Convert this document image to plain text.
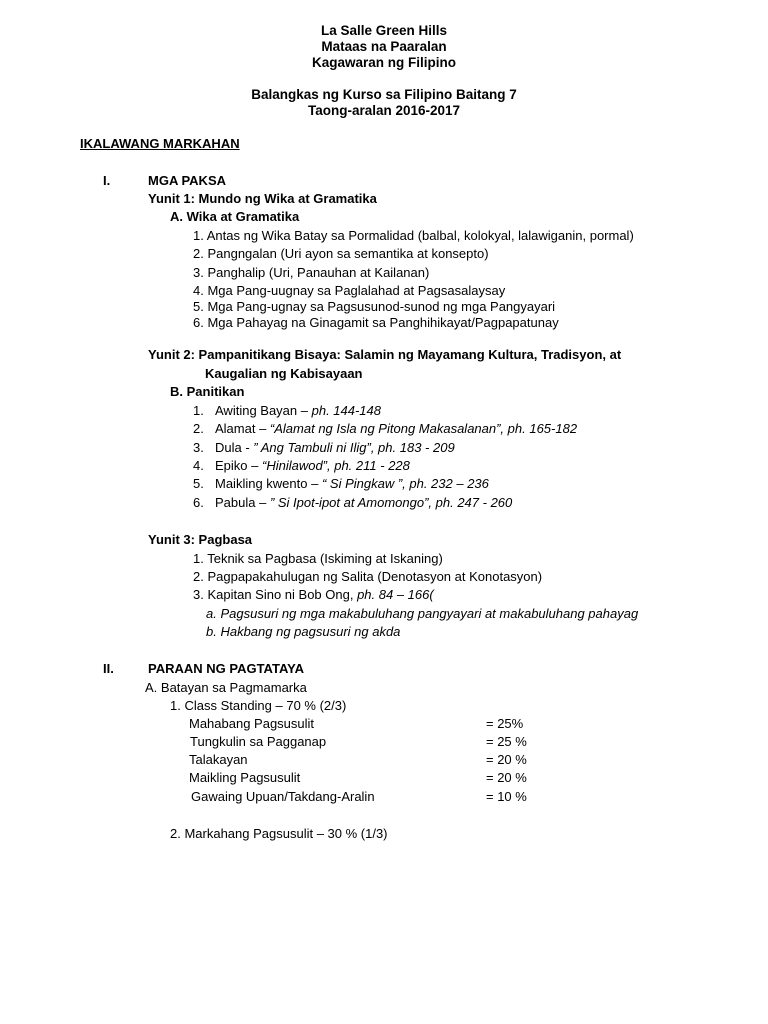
La Salle Green Hills
Mataas na Paaralan
Kagawaran ng Filipino
Balangkas ng Kurso sa Filipino Baitang 7
Taong-aralan 2016-2017
IKALAWANG MARKAHAN
I.	MGA PAKSA
Yunit 1: Mundo ng Wika at Gramatika
A. Wika at Gramatika
1. Antas ng Wika Batay sa Pormalidad (balbal, kolokyal, lalawiganin, pormal)
2. Pangngalan (Uri ayon sa semantika at konsepto)
3. Panghalip (Uri, Panauhan at Kailanan)
4. Mga Pang-uugnay sa Paglalahad at Pagsasalaysay
5. Mga Pang-ugnay sa Pagsusunod-sunod ng mga Pangyayari
6. Mga Pahayag na Ginagamit sa Panghihikayat/Pagpapatunay
Yunit 2: Pampanitikang Bisaya: Salamin ng Mayamang Kultura, Tradisyon, at
Kaugalian ng Kabisayaan
B. Panitikan
1. Awiting Bayan – ph. 144-148
2. Alamat – “Alamat ng Isla ng Pitong Makasalanan”, ph. 165-182
3. Dula - ” Ang Tambuli ni Ilig”, ph. 183 - 209
4. Epiko – “Hinilawod”, ph. 211 - 228
5. Maikling kwento – “ Si Pingkaw ”, ph. 232 – 236
6. Pabula – ” Si Ipot-ipot at Amomongo”, ph. 247 - 260
Yunit 3: Pagbasa
1. Teknik sa Pagbasa (Iskiming at Iskaning)
2. Pagpapakahulugan ng Salita (Denotasyon at Konotasyon)
3. Kapitan Sino ni Bob Ong, ph. 84 – 166(
a. Pagsusuri ng mga makabuluhang pangyayari at makabuluhang pahayag
b. Hakbang ng pagsusuri ng akda
II.	PARAAN NG PAGTATAYA
A. Batayan sa Pagmamarka
1. Class Standing – 70 % (2/3)
Mahabang Pagsusulit	= 25%
Tungkulin sa Pagganap	= 25 %
Talakayan	= 20 %
Maikling Pagsusulit	= 20 %
Gawaing Upuan/Takdang-Aralin	= 10 %
2. Markahang Pagsusulit – 30 % (1/3)
